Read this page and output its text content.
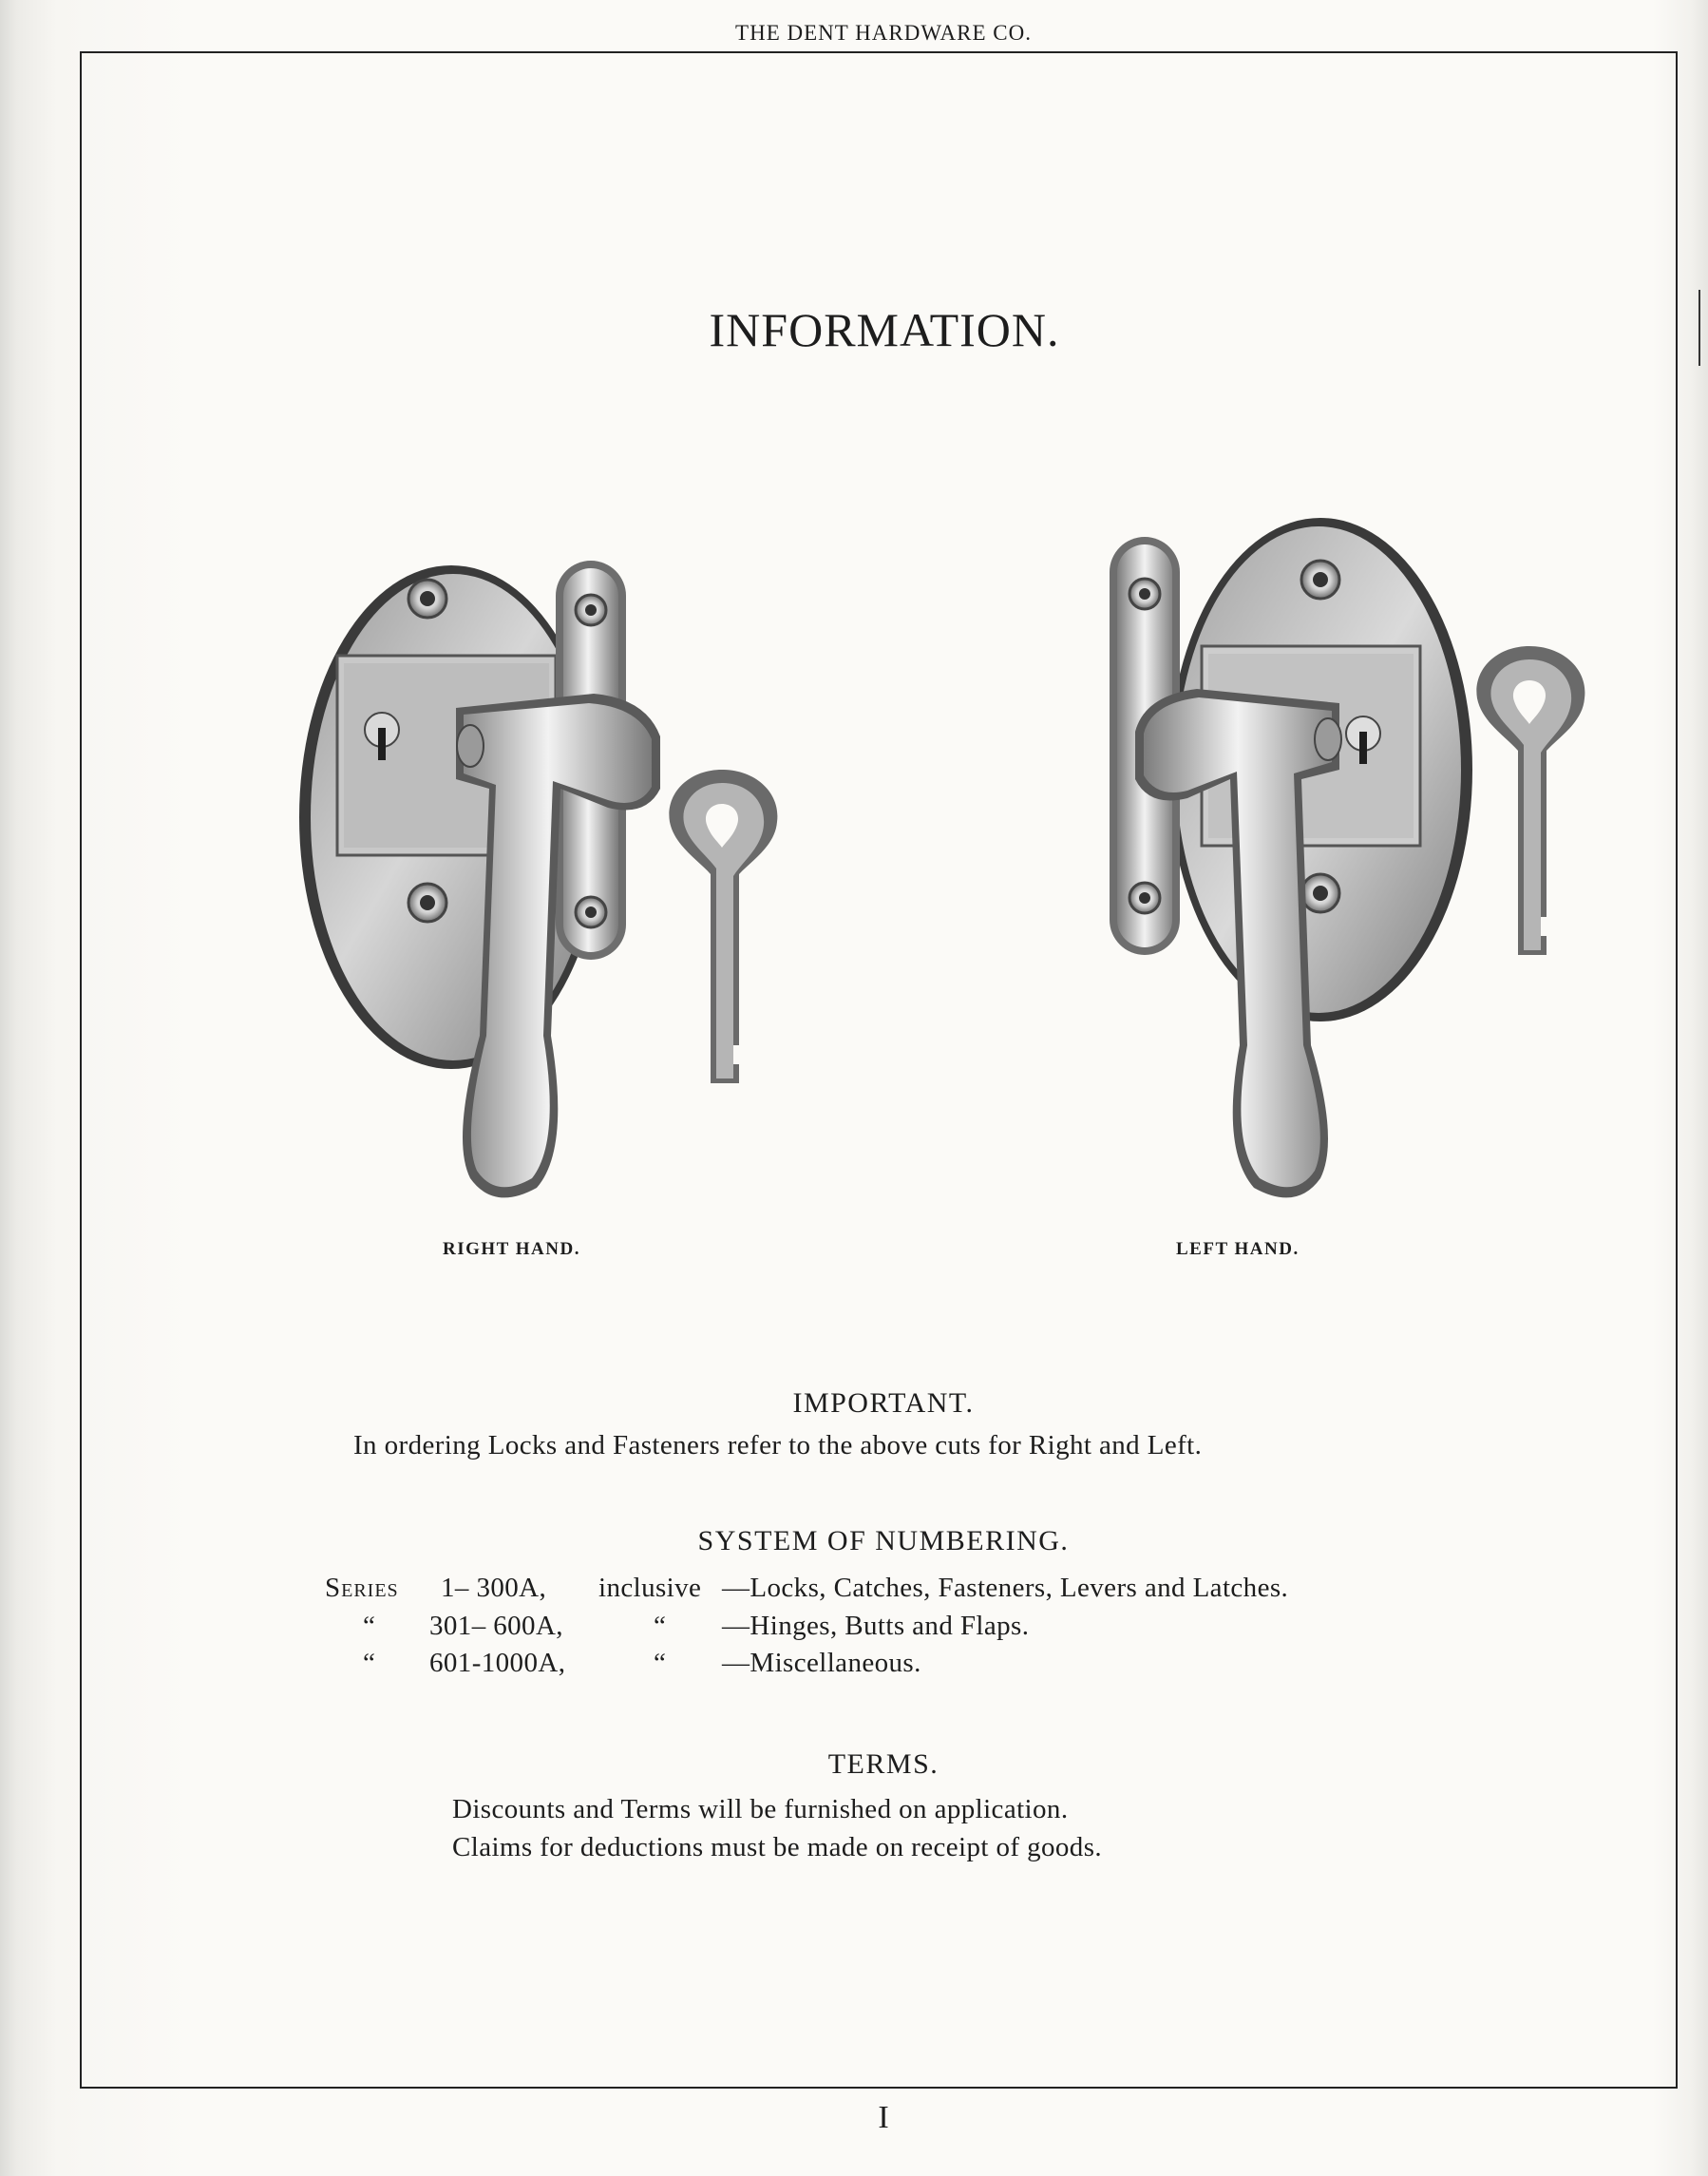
THE DENT HARDWARE CO.
INFORMATION.
RIGHT HAND.	LEFT HAND.
IMPORTANT.
In ordering Locks and Fasteners refer to the above cuts for Right and Left.
SYSTEM OF NUMBERING.
Series 1– 300A, inclusive —Locks, Catches, Fasteners, Levers and Latches.
“ 301– 600A,	“ —Hinges, Butts and Flaps.
“ 601-1000A,	“ —Miscellaneous.
TERMS.
Discounts and Terms will be furnished on application.
Claims for deductions must be made on receipt of goods.
I
